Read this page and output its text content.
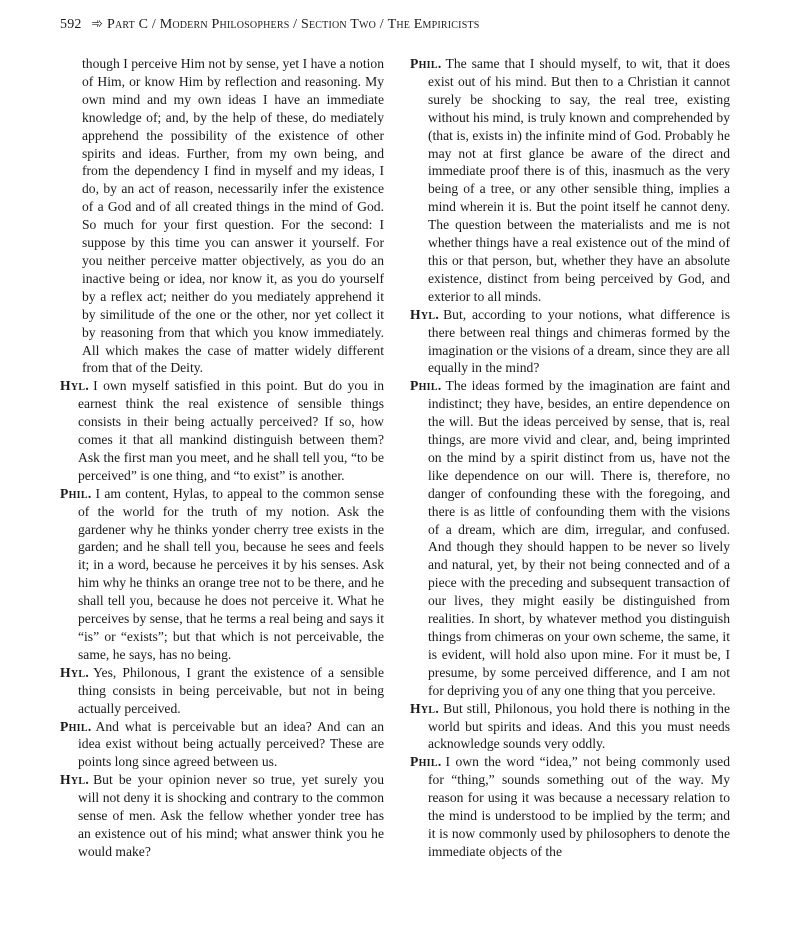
592 ➾ Part C / Modern Philosophers / Section Two / The Empiricists

though I perceive Him not by sense, yet I have a notion of Him, or know Him by reflection and reasoning. My own mind and my own ideas I have an immediate knowledge of; and, by the help of these, do mediately apprehend the possibility of the existence of other spirits and ideas. Further, from my own being, and from the dependency I find in myself and my ideas, I do, by an act of reason, necessarily infer the existence of a God and of all created things in the mind of God. So much for your first question. For the second: I suppose by this time you can answer it yourself. For you neither perceive matter objectively, as you do an inactive being or idea, nor know it, as you do yourself by a reflex act; neither do you mediately apprehend it by similitude of the one or the other, nor yet collect it by reasoning from that which you know immediately. All which makes the case of matter widely different from that of the Deity.

Hyl. I own myself satisfied in this point. But do you in earnest think the real existence of sensible things consists in their being actually perceived? If so, how comes it that all mankind distinguish between them? Ask the first man you meet, and he shall tell you, “to be perceived” is one thing, and “to exist” is another.

Phil. I am content, Hylas, to appeal to the common sense of the world for the truth of my notion. Ask the gardener why he thinks yonder cherry tree exists in the garden; and he shall tell you, because he sees and feels it; in a word, because he perceives it by his senses. Ask him why he thinks an orange tree not to be there, and he shall tell you, because he does not perceive it. What he perceives by sense, that he terms a real being and says it “is” or “exists”; but that which is not perceivable, the same, he says, has no being.

Hyl. Yes, Philonous, I grant the existence of a sensible thing consists in being perceivable, but not in being actually perceived.

Phil. And what is perceivable but an idea? And can an idea exist without being actually perceived? These are points long since agreed between us.

Hyl. But be your opinion never so true, yet surely you will not deny it is shocking and contrary to the common sense of men. Ask the fellow whether yonder tree has an existence out of his mind; what answer think you he would make?

Phil. The same that I should myself, to wit, that it does exist out of his mind. But then to a Christian it cannot surely be shocking to say, the real tree, existing without his mind, is truly known and comprehended by (that is, exists in) the infinite mind of God. Probably he may not at first glance be aware of the direct and immediate proof there is of this, inasmuch as the very being of a tree, or any other sensible thing, implies a mind wherein it is. But the point itself he cannot deny. The question between the materialists and me is not whether things have a real existence out of the mind of this or that person, but, whether they have an absolute existence, distinct from being perceived by God, and exterior to all minds.

Hyl. But, according to your notions, what difference is there between real things and chimeras formed by the imagination or the visions of a dream, since they are all equally in the mind?

Phil. The ideas formed by the imagination are faint and indistinct; they have, besides, an entire dependence on the will. But the ideas perceived by sense, that is, real things, are more vivid and clear, and, being imprinted on the mind by a spirit distinct from us, have not the like dependence on our will. There is, therefore, no danger of confounding these with the foregoing, and there is as little of confounding them with the visions of a dream, which are dim, irregular, and confused. And though they should happen to be never so lively and natural, yet, by their not being connected and of a piece with the preceding and subsequent transaction of our lives, they might easily be distinguished from realities. In short, by whatever method you distinguish things from chimeras on your own scheme, the same, it is evident, will hold also upon mine. For it must be, I presume, by some perceived difference, and I am not for depriving you of any one thing that you perceive.

Hyl. But still, Philonous, you hold there is nothing in the world but spirits and ideas. And this you must needs acknowledge sounds very oddly.

Phil. I own the word “idea,” not being commonly used for “thing,” sounds something out of the way. My reason for using it was because a necessary relation to the mind is understood to be implied by the term; and it is now commonly used by philosophers to denote the immediate objects of the
